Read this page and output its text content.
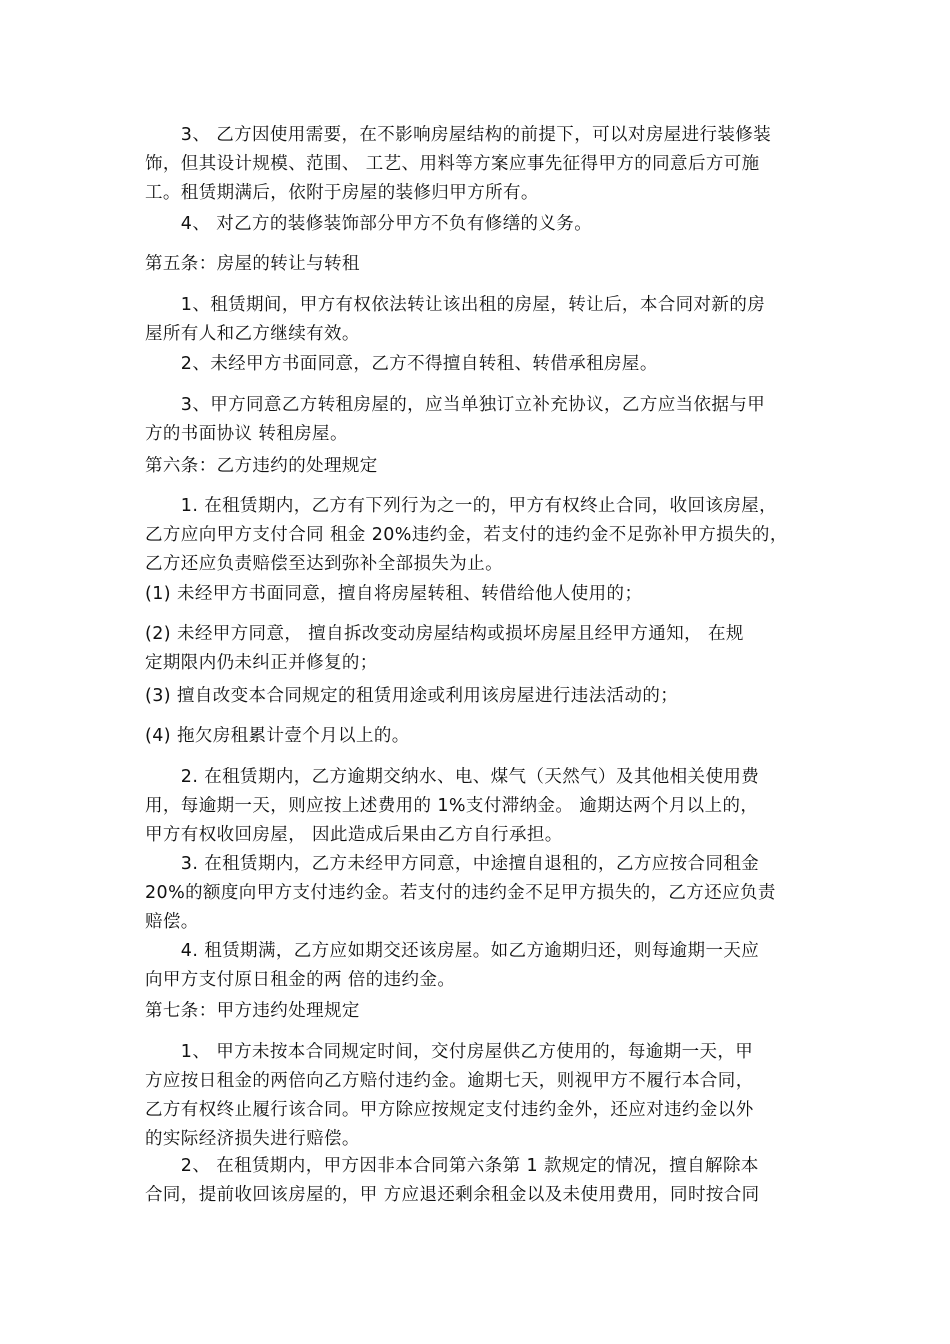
　　3、 乙方因使用需要，在不影响房屋结构的前提下，可以对房屋进行装修装
饰，但其设计规模、范围、 工艺、用料等方案应事先征得甲方的同意后方可施
工。租赁期满后，依附于房屋的装修归甲方所有。

　　4、 对乙方的装修装饰部分甲方不负有修缮的义务。

第五条：房屋的转让与转租

　　1、租赁期间，甲方有权依法转让该出租的房屋，转让后，本合同对新的房
屋所有人和乙方继续有效。

　　2、未经甲方书面同意，乙方不得擅自转租、转借承租房屋。

　　3、甲方同意乙方转租房屋的，应当单独订立补充协议，乙方应当依据与甲
方的书面协议 转租房屋。

第六条：乙方违约的处理规定

　　1. 在租赁期内，乙方有下列行为之一的，甲方有权终止合同，收回该房屋，
乙方应向甲方支付合同 租金 20%违约金，若支付的违约金不足弥补甲方损失的，
乙方还应负责赔偿至达到弥补全部损失为止。

(1) 未经甲方书面同意，擅自将房屋转租、转借给他人使用的；

(2) 未经甲方同意， 擅自拆改变动房屋结构或损坏房屋且经甲方通知， 在规
定期限内仍未纠正并修复的；

(3) 擅自改变本合同规定的租赁用途或利用该房屋进行违法活动的；

(4) 拖欠房租累计壹个月以上的。

　　2. 在租赁期内，乙方逾期交纳水、电、煤气（天然气）及其他相关使用费
用，每逾期一天，则应按上述费用的 1%支付滞纳金。 逾期达两个月以上的，
甲方有权收回房屋， 因此造成后果由乙方自行承担。

　　3. 在租赁期内，乙方未经甲方同意，中途擅自退租的，乙方应按合同租金
20%的额度向甲方支付违约金。若支付的违约金不足甲方损失的，乙方还应负责
赔偿。

　　4. 租赁期满，乙方应如期交还该房屋。如乙方逾期归还，则每逾期一天应
向甲方支付原日租金的两 倍的违约金。

第七条：甲方违约处理规定

　　1、 甲方未按本合同规定时间，交付房屋供乙方使用的，每逾期一天，甲
方应按日租金的两倍向乙方赔付违约金。逾期七天，则视甲方不履行本合同，
乙方有权终止履行该合同。甲方除应按规定支付违约金外，还应对违约金以外
的实际经济损失进行赔偿。

　　2、 在租赁期内，甲方因非本合同第六条第 1 款规定的情况，擅自解除本
合同，提前收回该房屋的，甲 方应退还剩余租金以及未使用费用，同时按合同
